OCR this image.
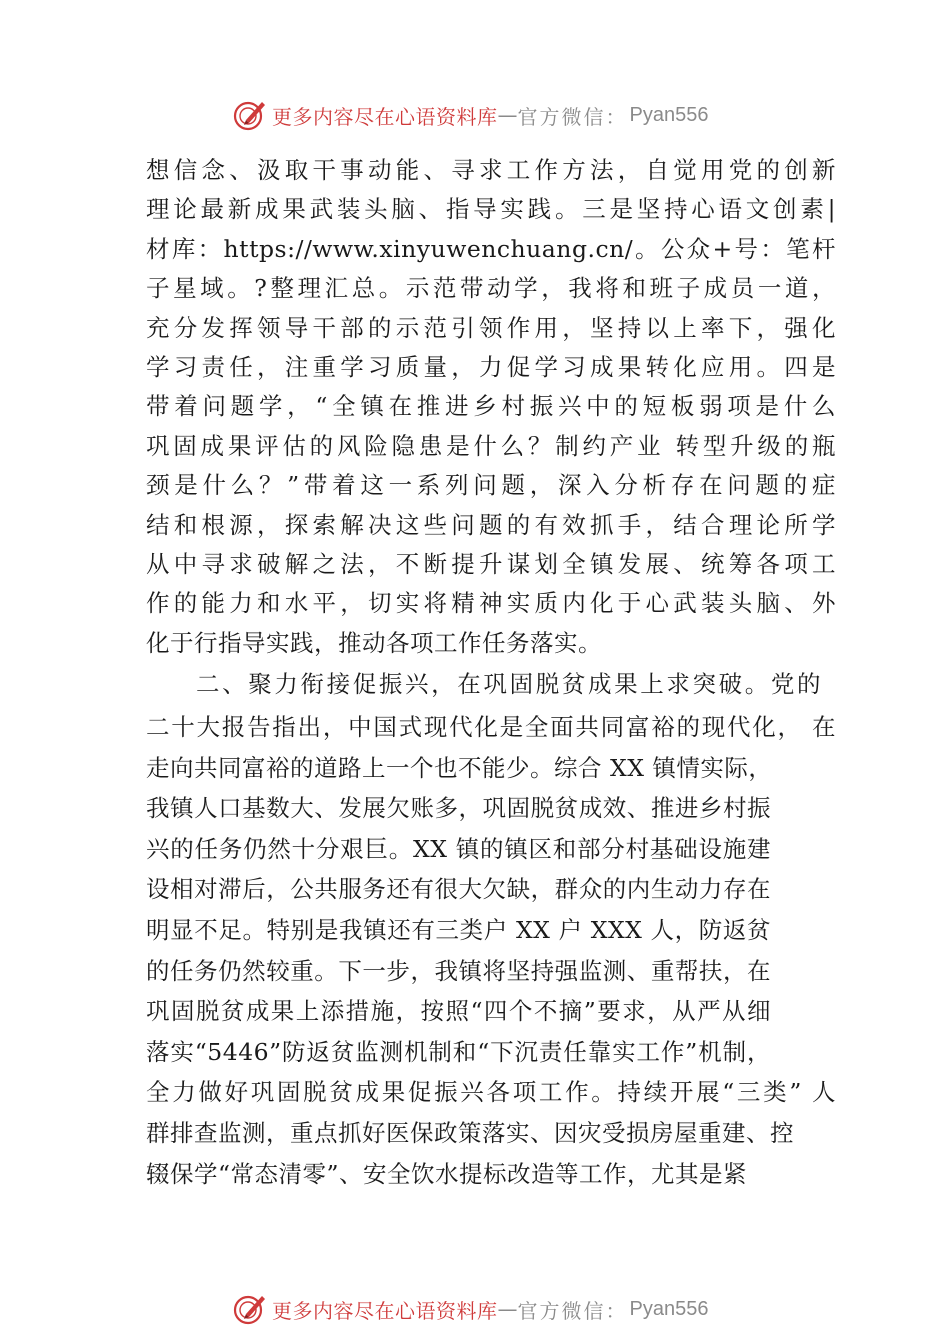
更多内容尽在心语资料库 — 官方微信 ： Pyan556
想信念、汲取干事动能、寻求工作方法，自觉用党的创新
理论最新成果武装头脑、指导实践。三是坚持心语文创素|
材库：https://www.xinyuwenchuang.cn/。公众+号：笔杆
子星域。?整理汇总。示范带动学，我将和班子成员一道，
充分发挥领导干部的示范引领作用，坚持以上率下，强化
学习责任，注重学习质量，力促学习成果转化应用。四是
带着问题学，“全镇在推进乡村振兴中的短板弱项是什么
巩固成果评估的风险隐患是什么？制约产业 转型升级的瓶
颈是什么？”带着这一系列问题，深入分析存在问题的症
结和根源，探索解决这些问题的有效抓手，结合理论所学
从中寻求破解之法，不断提升谋划全镇发展、统筹各项工
作的能力和水平，切实将精神实质内化于心武装头脑、外
化于行指导实践，推动各项工作任务落实。
二、聚力衔接促振兴，在巩固脱贫成果上求突破。党的
二十大报告指出，中国式现代化是全面共同富裕的现代化， 在
走向共同富裕的道路上一个也不能少。综合 XX 镇情实际，
我镇人口基数大、发展欠账多，巩固脱贫成效、推进乡村振
兴的任务仍然十分艰巨。XX 镇的镇区和部分村基础设施建
设相对滞后，公共服务还有很大欠缺，群众的内生动力存在
明显不足。特别是我镇还有三类户 XX 户 XXX 人，防返贫
的任务仍然较重。下一步，我镇将坚持强监测、重帮扶，在
巩固脱贫成果上添措施，按照“四个不摘”要求，从严从细
落实“5446”防返贫监测机制和“下沉责任靠实工作”机制，
全力做好巩固脱贫成果促振兴各项工作。持续开展“三类” 人
群排查监测，重点抓好医保政策落实、因灾受损房屋重建、控
辍保学“常态清零”、安全饮水提标改造等工作，尤其是紧
更多内容尽在心语资料库 — 官方微信 ： Pyan556
